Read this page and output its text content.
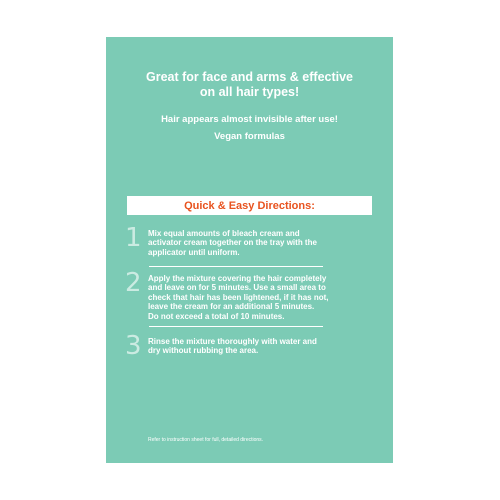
Great for face and arms & effective
on all hair types!
Hair appears almost invisible after use!
Vegan formulas
Quick & Easy Directions:
1 Mix equal amounts of bleach cream and
activator cream together on the tray with the
applicator until uniform.
2 Apply the mixture covering the hair completely
and leave on for 5 minutes. Use a small area to
check that hair has been lightened, if it has not,
leave the cream for an additional 5 minutes.
Do not exceed a total of 10 minutes.
3 Rinse the mixture thoroughly with water and
dry without rubbing the area.
Refer to instruction sheet for full, detailed directions.
